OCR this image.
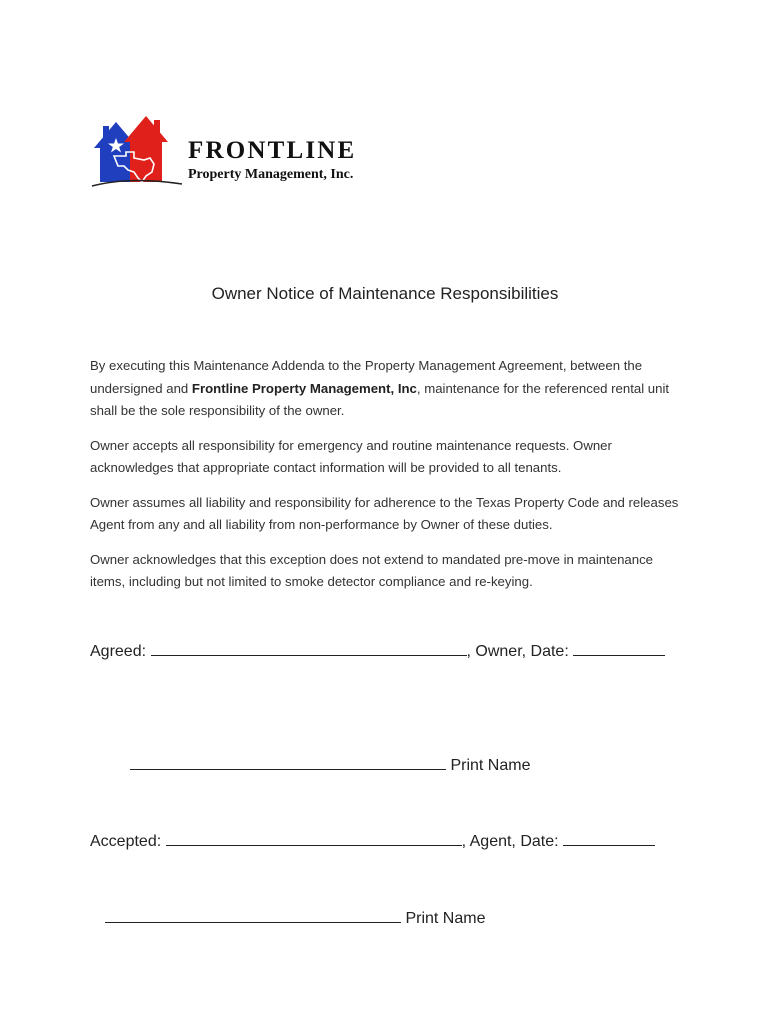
FRONTLINE
Property Management, Inc.
Owner Notice of Maintenance Responsibilities

By executing this Maintenance Addenda to the Property Management Agreement, between the undersigned and Frontline Property Management, Inc, maintenance for the referenced rental unit shall be the sole responsibility of the owner.

Owner accepts all responsibility for emergency and routine maintenance requests. Owner acknowledges that appropriate contact information will be provided to all tenants.

Owner assumes all liability and responsibility for adherence to the Texas Property Code and releases Agent from any and all liability from non-performance by Owner of these duties.

Owner acknowledges that this exception does not extend to mandated pre-move in maintenance items, including but not limited to smoke detector compliance and re-keying.

Agreed:	, Owner, Date:
Print Name
Accepted:	, Agent, Date:
Print Name
